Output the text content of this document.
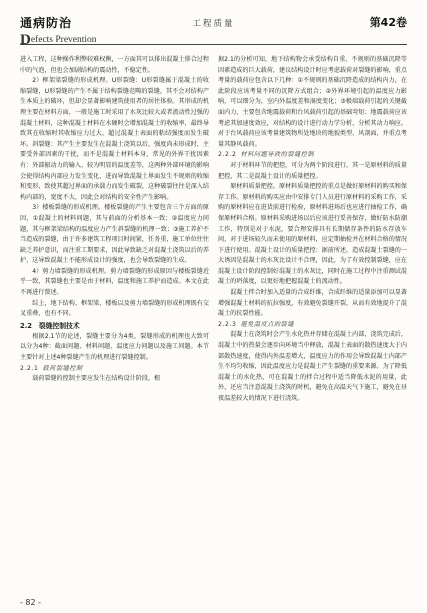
通病防治
Defects Prevention
工程质量	第42卷

进入工程，这种操作利弊较难权衡，一方面其可以排出混凝土排合过程中的气泡，但也会加剧结构的震动性，不稳定性。

2）框架梁裂缝的形成机理。U形裂缝：U形裂缝属于混凝土的收缩裂缝，U形裂缝的产生不属于结构裂缝范畴的裂缝，其不会对结构产生本质上的破坏，但却会显著影响建筑使用者的居住体验。其形成的机理主要在材料方面，一般是施工时采用了水灰比较大或者流动性过强的混凝土材料，这种混凝土材料在水硬时会增加混凝土的收缩率，最终导致其在收缩时其收缩应力过大，超过混凝土表面的粘结强度而发生破坏。斜裂缝：其产生主要发生在混凝土浇筑以后，强度尚未形成时，主要受外部因素的干扰，而不是混凝土材料本身，常见的外界干扰因素有：外部振动力的输入、较为明显的温度差等，这两种外部环境的影响会使得结构内部应力发生变化，进而导致混凝土界面发生不规则的收缩和变形，致使其超过界面的承载力而发生破裂，这种破裂往往是深入结构内部的，宽度不大，因此会对结构的安全性产生影响。

3）楼板裂缝的形成机理。楼板裂缝的产生主要包含三个方面的原因，①混凝土的材料问题，其与前面的分析基本一致；②温度应力问题，其与框架梁结构的温度应力产生斜裂缝的机理一致；③施工养护不当造成的裂缝，由于许多建筑工程项目时间紧，任务重，施工单位往往缺乏养护意识，而注重工期要求，因此导致缺乏对混凝土浇筑以后的养护，这导致混凝土不能形成设计的强度，也会导致裂缝的生成。

4）剪力墙裂缝的形成机理。剪力墙裂缝的形成原因与楼板裂缝近乎一致，其裂缝也主要是由于材料，温度和施工养护而造成。本文在此不再进行赘述。

综上，地下结构、框架梁、楼板以及剪力墙裂缝的形成机理既有交叉重叠，也有不同。

2.2　裂缝控制技术

根据2.1节的论述，裂缝主要分为4类，裂缝形成的机理也大致可以分为4种：截面问题、材料问题、温度应力问题以及施工问题。本节主要针对上述4种裂缝产生的机理进行裂缝控制。

2.2.1 载荷裂缝控制

载荷裂缝的控制主要应发生在结构设计阶段，根

据2.1的分析可知，地下结构物会承受结构自重、不规则的基础沉降等因素造成的巨大载荷，建议结构设计时应考虑载荷对裂缝的影响，重点考量的载荷应包含以下几种：①不规则的基础沉降造成的结构内力，在此阶段应该考量不同的沉降方式组合；②外界环境引起的温度应力影响，可以细分为，室内外温度差和湿度变化；③极端载荷引起的关键截面内力，主要包含地震载荷和台风载荷引起的基础弯矩；地震载荷应该考虑其加速度效应，对结构的设计进行动力学分析，分析其动力响应。对于台风载荷应该考量建筑物所处地块的地貌类型、风剖面，并重点考量其静风载荷。

2.2.2 材料问题导致的裂缝控制

对于材料环节的把控，可分为两个阶段进行，其一是原材料的质量把控，其二是混凝土设计的质量把控。

原材料质量把控。原材料质量把控的重点是做好原材料的购买和保存工作。原材料的购买应由中安排专门人员进行原材料的采购工作，采购的原材料应在进货前进行检验，原材料进场后也应进行抽检工作，确保原材料合格。原材料采购进场以后应该进行妥善保存，做好防水防潮工作，特别是对于水泥，要合理安排具有长期储存条件的防水存放车间，对于进场较久而未使用的原材料，应定期抽检并在材料合格的情况下进行使用。混凝土设计的质量把控：据前所述，造成混凝土裂缝的一大诱因是混凝土的水灰比设计不合理，因此，为了有效控制裂缝，应在混凝土设计阶段控制好混凝土的水灰比，同时在施工过程中注重测试混凝土的坍落度，以更好地把握混凝土的流动性。

混凝土拌合时加入适量的合成纤维，合成纤维的适量添加可以显著增强混凝土材料的抗拉强度，有效避免裂缝开裂，从而有效地提升了混凝土的抗裂性能。

2.2.3 避免温度点的裂缝

混凝土在浇筑时会产生水化热并存储在混凝土内部，浇筑完成后，混凝土中的热量会逐步向环境当中释放，混凝土表面的散热速度大于内部散热速度，使得内外温差增大，温度应力的作用会导致混凝土内部产生不均匀收缩，因此温度应力是混凝土产生裂缝的重要来源。为了降低混凝土的水化热，可在混凝土的拌合过程中适当降低水泥的用量，此外，还应当注意混凝土浇筑的时机，避免在高温天气下施工，避免在昼夜温差较大的情况下进行浇筑。

- 82 -
